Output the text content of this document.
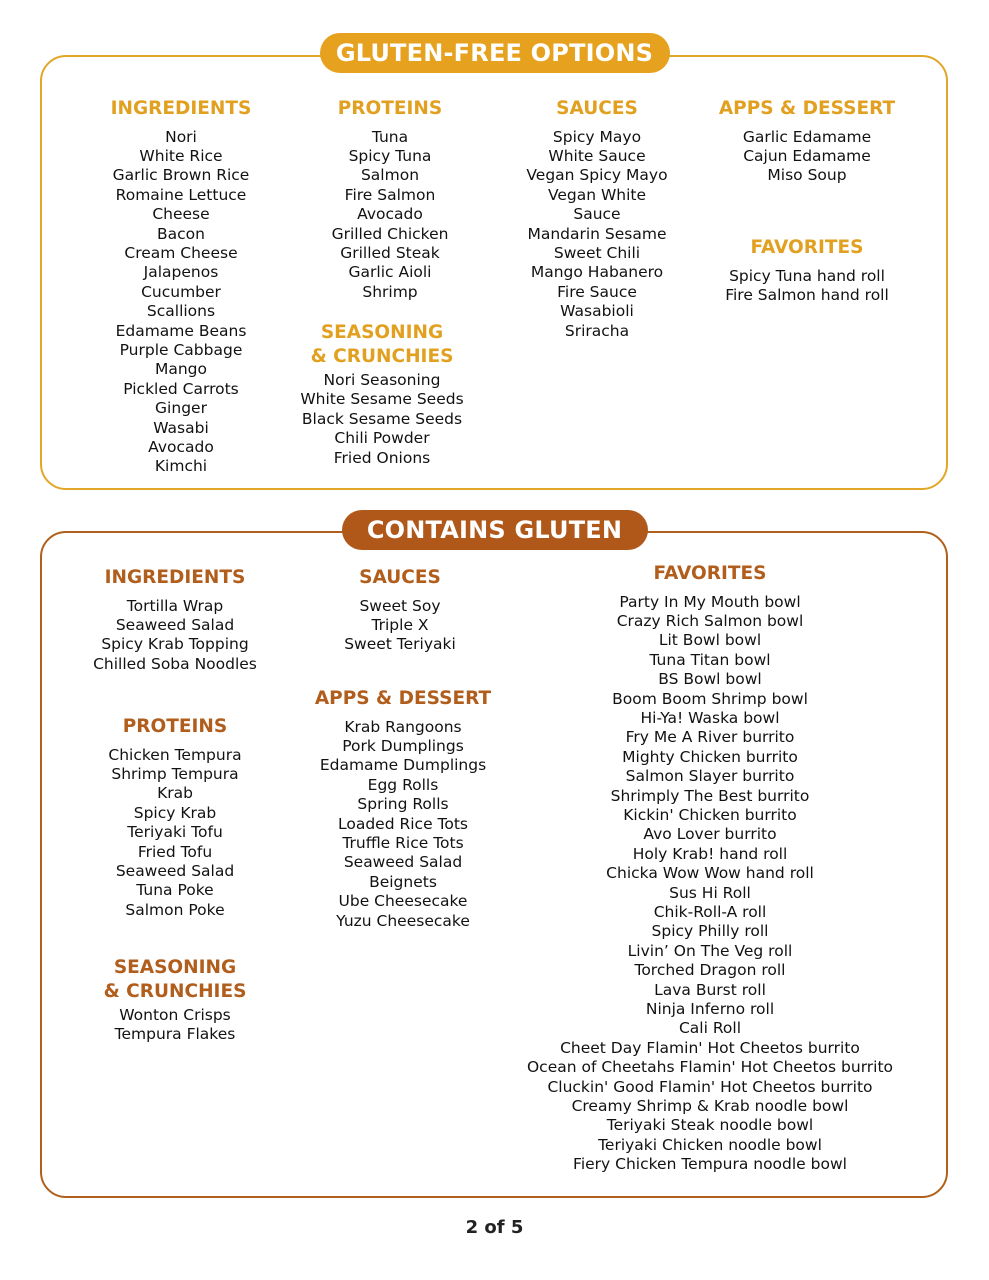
GLUTEN-FREE OPTIONS
INGREDIENTS
Nori
White Rice
Garlic Brown Rice
Romaine Lettuce
Cheese
Bacon
Cream Cheese
Jalapenos
Cucumber
Scallions
Edamame Beans
Purple Cabbage
Mango
Pickled Carrots
Ginger
Wasabi
Avocado
Kimchi
PROTEINS
Tuna
Spicy Tuna
Salmon
Fire Salmon
Avocado
Grilled Chicken
Grilled Steak
Garlic Aioli
Shrimp
SEASONING
& CRUNCHIES
Nori Seasoning
White Sesame Seeds
Black Sesame Seeds
Chili Powder
Fried Onions
SAUCES
Spicy Mayo
White Sauce
Vegan Spicy Mayo
Vegan White
Sauce
Mandarin Sesame
Sweet Chili
Mango Habanero
Fire Sauce
Wasabioli
Sriracha
APPS & DESSERT
Garlic Edamame
Cajun Edamame
Miso Soup
FAVORITES
Spicy Tuna hand roll
Fire Salmon hand roll
CONTAINS GLUTEN
INGREDIENTS
Tortilla Wrap
Seaweed Salad
Spicy Krab Topping
Chilled Soba Noodles
PROTEINS
Chicken Tempura
Shrimp Tempura
Krab
Spicy Krab
Teriyaki Tofu
Fried Tofu
Seaweed Salad
Tuna Poke
Salmon Poke
SEASONING
& CRUNCHIES
Wonton Crisps
Tempura Flakes
SAUCES
Sweet Soy
Triple X
Sweet Teriyaki
APPS & DESSERT
Krab Rangoons
Pork Dumplings
Edamame Dumplings
Egg Rolls
Spring Rolls
Loaded Rice Tots
Truffle Rice Tots
Seaweed Salad
Beignets
Ube Cheesecake
Yuzu Cheesecake
FAVORITES
Party In My Mouth bowl
Crazy Rich Salmon bowl
Lit Bowl bowl
Tuna Titan bowl
BS Bowl bowl
Boom Boom Shrimp bowl
Hi-Ya! Waska bowl
Fry Me A River burrito
Mighty Chicken burrito
Salmon Slayer burrito
Shrimply The Best burrito
Kickin' Chicken burrito
Avo Lover burrito
Holy Krab! hand roll
Chicka Wow Wow hand roll
Sus Hi Roll
Chik-Roll-A roll
Spicy Philly roll
Livin’ On The Veg roll
Torched Dragon roll
Lava Burst roll
Ninja Inferno roll
Cali Roll
Cheet Day Flamin' Hot Cheetos burrito
Ocean of Cheetahs Flamin' Hot Cheetos burrito
Cluckin' Good Flamin' Hot Cheetos burrito
Creamy Shrimp & Krab noodle bowl
Teriyaki Steak noodle bowl
Teriyaki Chicken noodle bowl
Fiery Chicken Tempura noodle bowl
2 of 5
